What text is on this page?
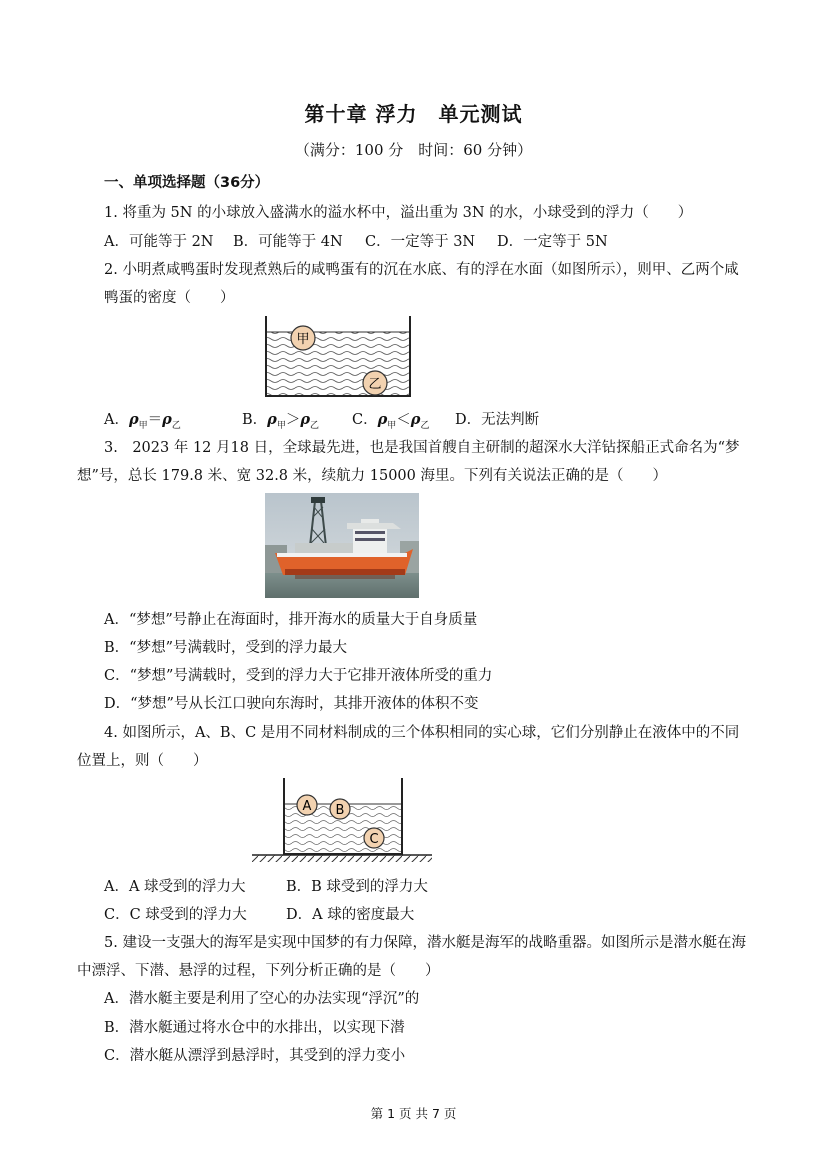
第十章 浮力　单元测试
（满分：100 分　时间：60 分钟）
一、单项选择题（36分）
1. 将重为 5N 的小球放入盛满水的溢水杯中，溢出重为 3N 的水，小球受到的浮力（　　）
A．可能等于 2N B．可能等于 4N C．一定等于 3N D．一定等于 5N
2. 小明煮咸鸭蛋时发现煮熟后的咸鸭蛋有的沉在水底、有的浮在水面（如图所示），则甲、乙两个咸
鸭蛋的密度（　　）
甲
乙
A．$\rho_甲=\rho_乙$	B．$\rho_甲>\rho_乙$ C．$\rho_甲<\rho_乙$ D．无法判断
3.　2023 年 12 月18 日，全球最先进，也是我国首艘自主研制的超深水大洋钻探船正式命名为“梦
想”号，总长 179.8 米、宽 32.8 米，续航力 15000 海里。下列有关说法正确的是（　　）
A．“梦想”号静止在海面时，排开海水的质量大于自身质量
B．“梦想”号满载时，受到的浮力最大
C．“梦想”号满载时，受到的浮力大于它排开液体所受的重力
D．“梦想”号从长江口驶向东海时，其排开液体的体积不变
4. 如图所示，A、B、C 是用不同材料制成的三个体积相同的实心球，它们分别静止在液体中的不同
位置上，则（　　）
A B
C
A．A 球受到的浮力大	B．B 球受到的浮力大
C．C 球受到的浮力大	D．A 球的密度最大
5. 建设一支强大的海军是实现中国梦的有力保障，潜水艇是海军的战略重器。如图所示是潜水艇在海
中漂浮、下潜、悬浮的过程，下列分析正确的是（　　）
A．潜水艇主要是利用了空心的办法实现“浮沉”的
B．潜水艇通过将水仓中的水排出，以实现下潜
C．潜水艇从漂浮到悬浮时，其受到的浮力变小
第 1 页 共 7 页
